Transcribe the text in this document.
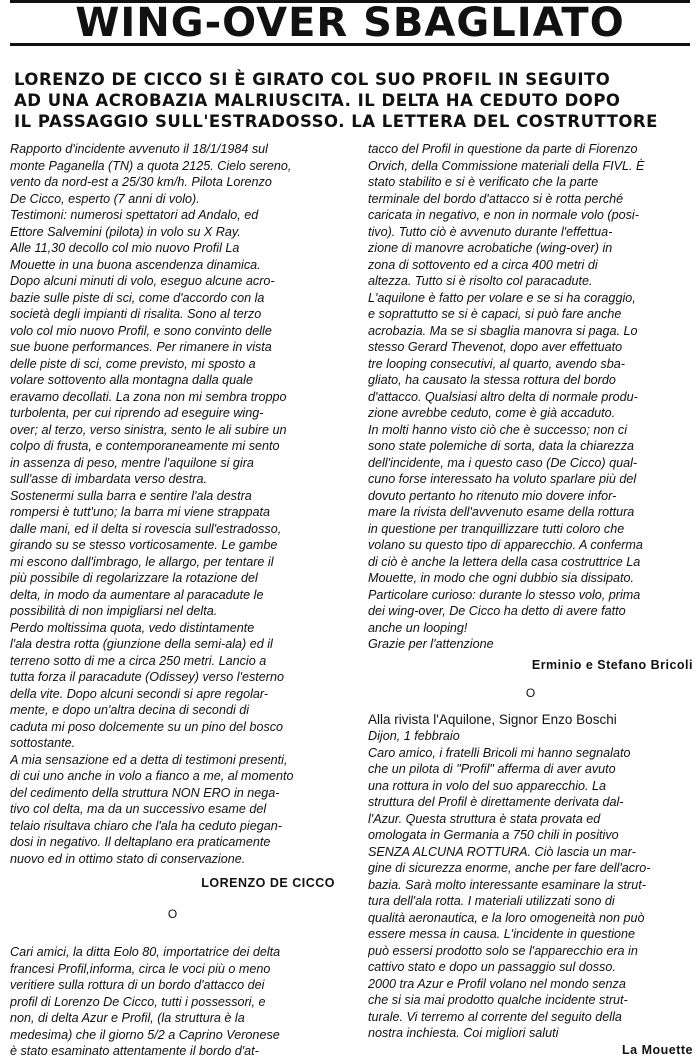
WING-OVER SBAGLIATO
LORENZO DE CICCO SI È GIRATO COL SUO PROFIL IN SEGUITO
AD UNA ACROBAZIA MALRIUSCITA. IL DELTA HA CEDUTO DOPO
IL PASSAGGIO SULL'ESTRADOSSO. LA LETTERA DEL COSTRUTTORE
Rapporto d'incidente avvenuto il 18/1/1984 sul
monte Paganella (TN) a quota 2125. Cielo sereno,
vento da nord-est a 25/30 km/h. Pilota Lorenzo
De Cicco, esperto (7 anni di volo).
Testimoni: numerosi spettatori ad Andalo, ed
Ettore Salvemini (pilota) in volo su X Ray.
Alle 11,30 decollo col mio nuovo Profil La
Mouette in una buona ascendenza dinamica.
Dopo alcuni minuti di volo, eseguo alcune acro-
bazie sulle piste di sci, come d'accordo con la
società degli impianti di risalita. Sono al terzo
volo col mio nuovo Profil, e sono convinto delle
sue buone performances. Per rimanere in vista
delle piste di sci, come previsto, mi sposto a
volare sottovento alla montagna dalla quale
eravamo decollati. La zona non mi sembra troppo
turbolenta, per cui riprendo ad eseguire wing-
over; al terzo, verso sinistra, sento le ali subire un
colpo di frusta, e contemporaneamente mi sento
in assenza di peso, mentre l'aquilone si gira
sull'asse di imbardata verso destra.
Sostenermi sulla barra e sentire l'ala destra
rompersi è tutt'uno; la barra mi viene strappata
dalle mani, ed il delta si rovescia sull'estradosso,
girando su se stesso vorticosamente. Le gambe
mi escono dall'imbrago, le allargo, per tentare il
più possibile di regolarizzare la rotazione del
delta, in modo da aumentare al paracadute le
possibilità di non impigliarsi nel delta.
Perdo moltissima quota, vedo distintamente
l'ala destra rotta (giunzione della semi-ala) ed il
terreno sotto di me a circa 250 metri. Lancio a
tutta forza il paracadute (Odissey) verso l'esterno
della vite. Dopo alcuni secondi si apre regolar-
mente, e dopo un'altra decina di secondi di
caduta mi poso dolcemente su un pino del bosco
sottostante.
A mia sensazione ed a detta di testimoni presenti,
di cui uno anche in volo a fianco a me, al momento
del cedimento della struttura NON ERO in nega-
tivo col delta, ma da un successivo esame del
telaio risultava chiaro che l'ala ha ceduto piegan-
dosi in negativo. Il deltaplano era praticamente
nuovo ed in ottimo stato di conservazione.
LORENZO DE CICCO
O
Cari amici, la ditta Eolo 80, importatrice dei delta
francesi Profil,informa, circa le voci più o meno
veritiere sulla rottura di un bordo d'attacco dei
profil di Lorenzo De Cicco, tutti i possessori, e
non, di delta Azur e Profil, (la struttura è la
medesima) che il giorno 5/2 a Caprino Veronese
è stato esaminato attentamente il bordo d'at-
tacco del Profil in questione da parte di Fiorenzo
Orvich, della Commissione materiali della FIVL. È
stato stabilito e si è verificato che la parte
terminale del bordo d'attacco si è rotta perché
caricata in negativo, e non in normale volo (posi-
tivo). Tutto ciò è avvenuto durante l'effettua-
zione di manovre acrobatiche (wing-over) in
zona di sottovento ed a circa 400 metri di
altezza. Tutto si è risolto col paracadute.
L'aquilone è fatto per volare e se si ha coraggio,
e soprattutto se si è capaci, si può fare anche
acrobazia. Ma se si sbaglia manovra si paga. Lo
stesso Gerard Thevenot, dopo aver effettuato
tre looping consecutivi, al quarto, avendo sba-
gliato, ha causato la stessa rottura del bordo
d'attacco. Qualsiasi altro delta di normale produ-
zione avrebbe ceduto, come è già accaduto.
In molti hanno visto ciò che è successo; non ci
sono state polemiche di sorta, data la chiarezza
dell'incidente, ma i questo caso (De Cicco) qual-
cuno forse interessato ha voluto sparlare più del
dovuto pertanto ho ritenuto mio dovere infor-
mare la rivista dell'avvenuto esame della rottura
in questione per tranquillizzare tutti coloro che
volano su questo tipo di apparecchio. A conferma
di ciò è anche la lettera della casa costruttrice La
Mouette, in modo che ogni dubbio sia dissipato.
Particolare curioso: durante lo stesso volo, prima
dei wing-over, De Cicco ha detto di avere fatto
anche un looping!
Grazie per l'attenzione
Erminio e Stefano Bricoli
O
Alla rivista l'Aquilone, Signor Enzo Boschi
Dijon, 1 febbraio
Caro amico, i fratelli Bricoli mi hanno segnalato
che un pilota di "Profil" afferma di aver avuto
una rottura in volo del suo apparecchio. La
struttura del Profil è direttamente derivata dal-
l'Azur. Questa struttura è stata provata ed
omologata in Germania a 750 chili in positivo
SENZA ALCUNA ROTTURA. Ciò lascia un mar-
gine di sicurezza enorme, anche per fare dell'acro-
bazia. Sarà molto interessante esaminare la strut-
tura dell'ala rotta. I materiali utilizzati sono di
qualità aeronautica, e la loro omogeneità non può
essere messa in causa. L'incidente in questione
può essersi prodotto solo se l'apparecchio era in
cattivo stato e dopo un passaggio sul dosso.
2000 tra Azur e Profil volano nel mondo senza
che si sia mai prodotto qualche incidente strut-
turale. Vi terremo al corrente del seguito della
nostra inchiesta. Coi migliori saluti
La Mouette
